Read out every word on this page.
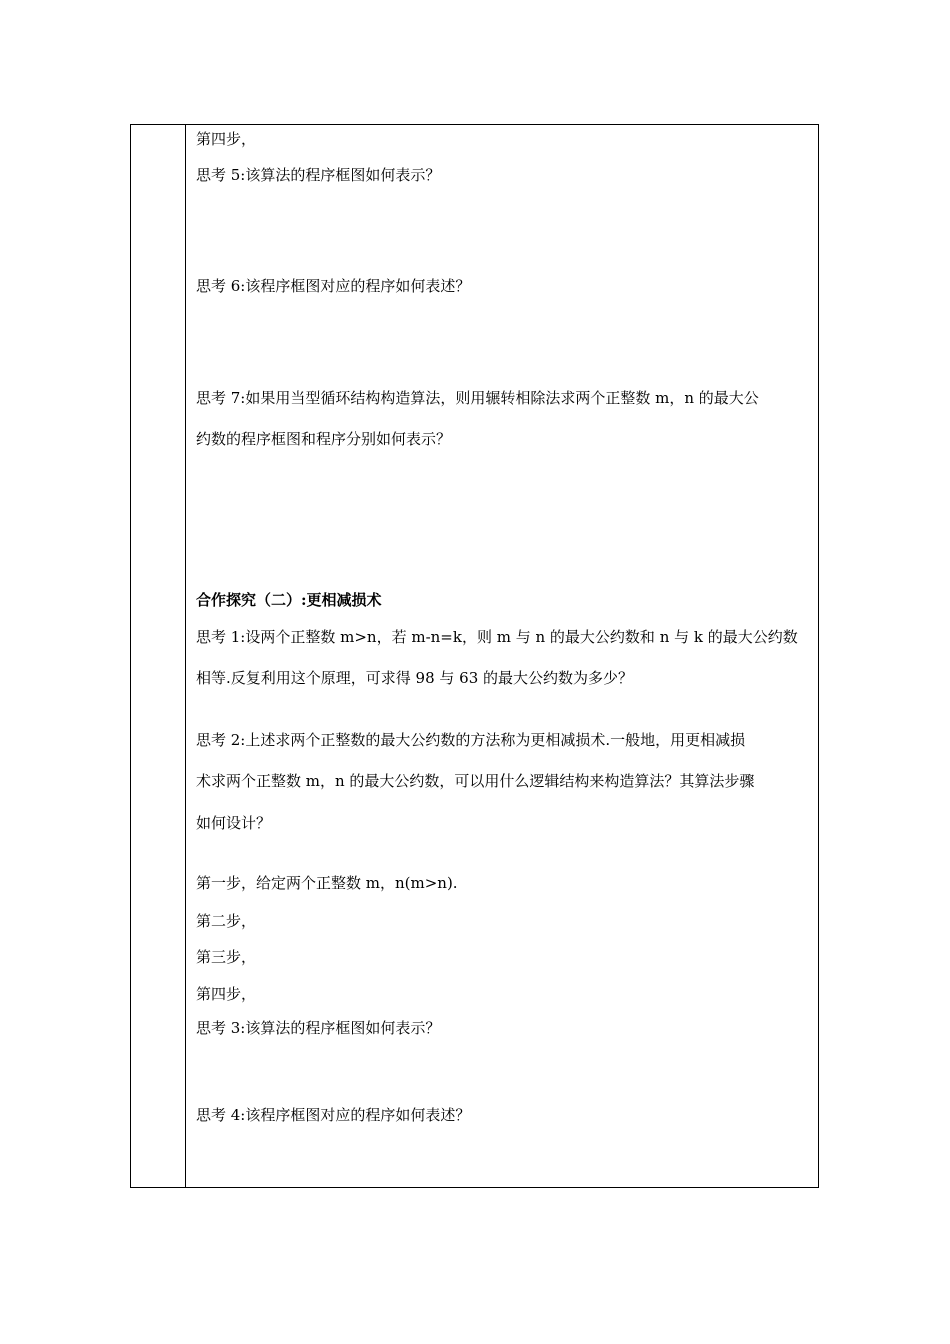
第四步，
思考 5:该算法的程序框图如何表示？
思考 6:该程序框图对应的程序如何表述？
思考 7:如果用当型循环结构构造算法，则用辗转相除法求两个正整数 m，n 的最大公
约数的程序框图和程序分别如何表示？
合作探究（二）:更相减损术
思考 1:设两个正整数 m>n，若 m-n=k，则 m 与 n 的最大公约数和 n 与 k 的最大公约数
相等.反复利用这个原理，可求得 98 与 63 的最大公约数为多少？
思考 2:上述求两个正整数的最大公约数的方法称为更相减损术.一般地，用更相减损
术求两个正整数 m，n 的最大公约数，可以用什么逻辑结构来构造算法？其算法步骤
如何设计？
第一步，给定两个正整数 m，n(m>n).
第二步，
第三步，
第四步，
思考 3:该算法的程序框图如何表示？
思考 4:该程序框图对应的程序如何表述？
